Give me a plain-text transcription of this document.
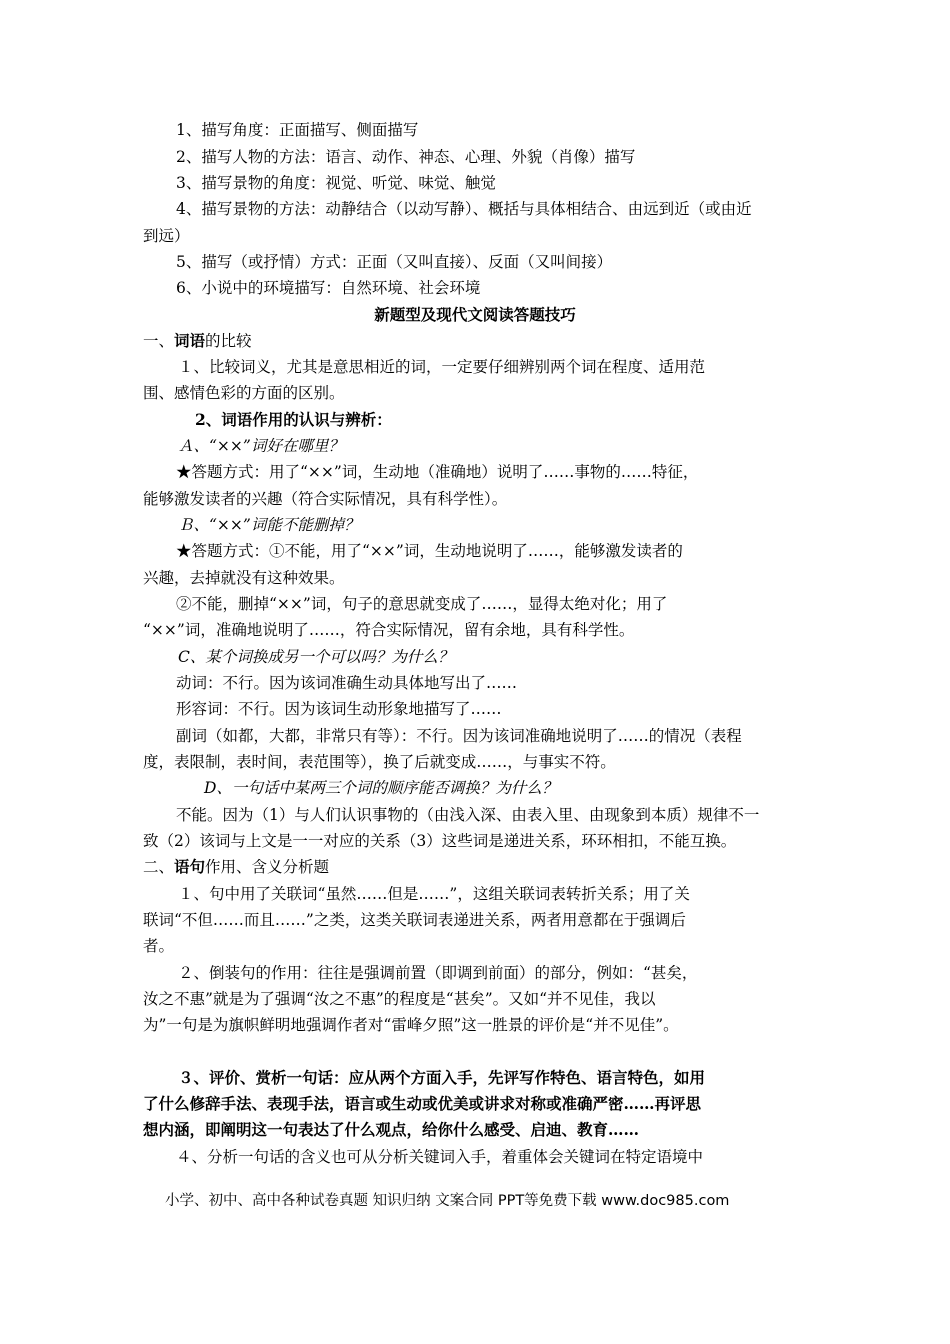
1、描写角度：正面描写、侧面描写
2、描写人物的方法：语言、动作、神态、心理、外貌（肖像）描写
3、描写景物的角度：视觉、听觉、味觉、触觉
4、描写景物的方法：动静结合（以动写静）、概括与具体相结合、由远到近（或由近
到远）
5、描写（或抒情）方式：正面（又叫直接）、反面（又叫间接）
6、小说中的环境描写：自然环境、社会环境
新题型及现代文阅读答题技巧
一、词语的比较
１、比较词义，尤其是意思相近的词，一定要仔细辨别两个词在程度、适用范
围、感情色彩的方面的区别。
2、词语作用的认识与辨析：
Ａ、“××”词好在哪里？
★答题方式：用了“××”词，生动地（准确地）说明了……事物的……特征，
能够激发读者的兴趣（符合实际情况，具有科学性）。
Ｂ、“××”词能不能删掉？
★答题方式：①不能，用了“××”词，生动地说明了……，能够激发读者的
兴趣，去掉就没有这种效果。
②不能，删掉“××”词，句子的意思就变成了……，显得太绝对化；用了
“××”词，准确地说明了……，符合实际情况，留有余地，具有科学性。
C、某个词换成另一个可以吗？为什么？
动词：不行。因为该词准确生动具体地写出了……
形容词：不行。因为该词生动形象地描写了……
副词（如都，大都，非常只有等）：不行。因为该词准确地说明了……的情况（表程
度，表限制，表时间，表范围等），换了后就变成……，与事实不符。
D、一句话中某两三个词的顺序能否调换？为什么？
不能。因为（1）与人们认识事物的（由浅入深、由表入里、由现象到本质）规律不一
致（2）该词与上文是一一对应的关系（3）这些词是递进关系，环环相扣，不能互换。
二、语句作用、含义分析题
１、句中用了关联词“虽然……但是……”，这组关联词表转折关系；用了关
联词“不但……而且……”之类，这类关联词表递进关系，两者用意都在于强调后
者。
２、倒装句的作用：往往是强调前置（即调到前面）的部分，例如：“甚矣，
汝之不惠”就是为了强调“汝之不惠”的程度是“甚矣”。又如“并不见佳，我以
为”一句是为旗帜鲜明地强调作者对“雷峰夕照”这一胜景的评价是“并不见佳”。
３、评价、赏析一句话：应从两个方面入手，先评写作特色、语言特色，如用
了什么修辞手法、表现手法，语言或生动或优美或讲求对称或准确严密……再评思
想内涵，即阐明这一句表达了什么观点，给你什么感受、启迪、教育……
４、分析一句话的含义也可从分析关键词入手，着重体会关键词在特定语境中
小学、初中、高中各种试卷真题 知识归纳 文案合同 PPT等免费下载 www.doc985.com
